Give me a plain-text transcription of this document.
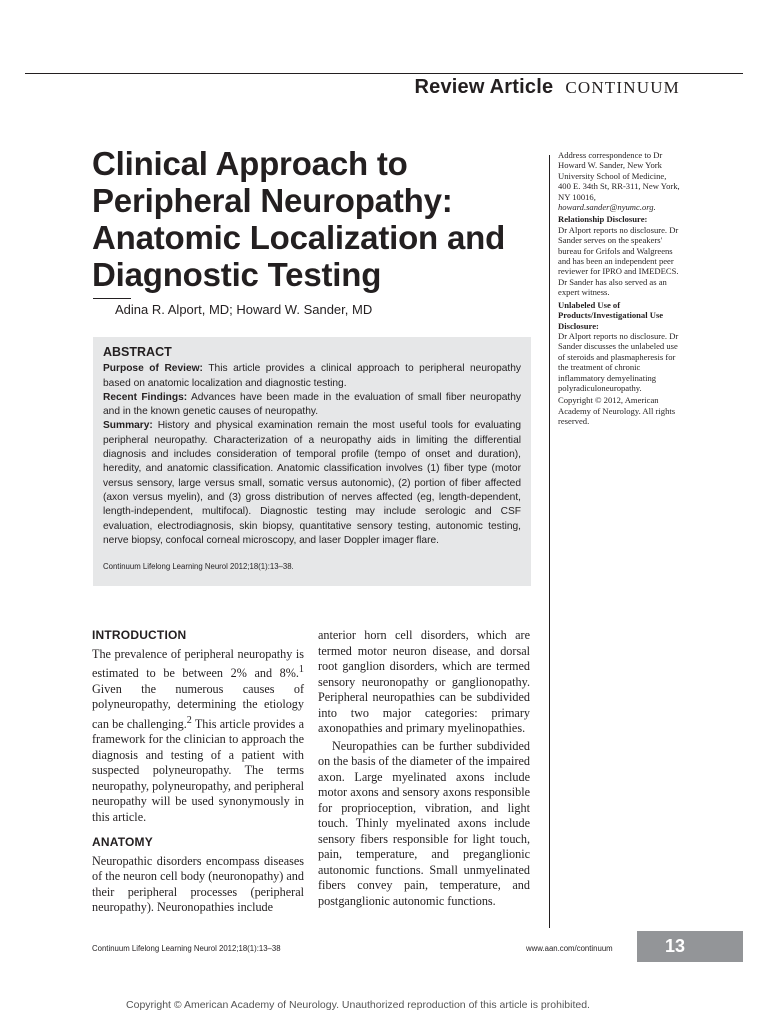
Review Article CONTINUUM
Clinical Approach to Peripheral Neuropathy: Anatomic Localization and Diagnostic Testing
Adina R. Alport, MD; Howard W. Sander, MD

ABSTRACT

Purpose of Review: This article provides a clinical approach to peripheral neuropathy based on anatomic localization and diagnostic testing.

Recent Findings: Advances have been made in the evaluation of small fiber neuropathy and in the known genetic causes of neuropathy.

Summary: History and physical examination remain the most useful tools for evaluating peripheral neuropathy. Characterization of a neuropathy aids in limiting the differential diagnosis and includes consideration of temporal profile (tempo of onset and duration), heredity, and anatomic classification. Anatomic classification involves (1) fiber type (motor versus sensory, large versus small, somatic versus autonomic), (2) portion of fiber affected (axon versus myelin), and (3) gross distribution of nerves affected (eg, length-dependent, length-independent, multifocal). Diagnostic testing may include serologic and CSF evaluation, electrodiagnosis, skin biopsy, quantitative sensory testing, autonomic testing, nerve biopsy, confocal corneal microscopy, and laser Doppler imager flare.

Continuum Lifelong Learning Neurol 2012;18(1):13–38.

Address correspondence to Dr Howard W. Sander, New York University School of Medicine, 400 E. 34th St, RR-311, New York, NY 10016, howard.sander@nyumc.org.

Relationship Disclosure:

Dr Alport reports no disclosure. Dr Sander serves on the speakers' bureau for Grifols and Walgreens and has been an independent peer reviewer for IPRO and IMEDECS. Dr Sander has also served as an expert witness.

Unlabeled Use of Products/Investigational Use Disclosure:

Dr Alport reports no disclosure. Dr Sander discusses the unlabeled use of steroids and plasmapheresis for the treatment of chronic inflammatory demyelinating polyradiculoneuropathy.

Copyright © 2012, American Academy of Neurology. All rights reserved.

INTRODUCTION

The prevalence of peripheral neuropathy is estimated to be between 2% and 8%.$^1$ Given the numerous causes of polyneuropathy, determining the etiology can be challenging.$^2$ This article provides a framework for the clinician to approach the diagnosis and testing of a patient with suspected polyneuropathy. The terms neuropathy, polyneuropathy, and peripheral neuropathy will be used synonymously in this article.

ANATOMY

Neuropathic disorders encompass diseases of the neuron cell body (neuronopathy) and their peripheral processes (peripheral neuropathy). Neuronopathies include

anterior horn cell disorders, which are termed motor neuron disease, and dorsal root ganglion disorders, which are termed sensory neuronopathy or ganglionopathy. Peripheral neuropathies can be subdivided into two major categories: primary axonopathies and primary myelinopathies.

Neuropathies can be further subdivided on the basis of the diameter of the impaired axon. Large myelinated axons include motor axons and sensory axons responsible for proprioception, vibration, and light touch. Thinly myelinated axons include sensory fibers responsible for light touch, pain, temperature, and preganglionic autonomic functions. Small unmyelinated fibers convey pain, temperature, and postganglionic autonomic functions.

Continuum Lifelong Learning Neurol 2012;18(1):13–38	www.aan.com/continuum	13
Copyright © American Academy of Neurology. Unauthorized reproduction of this article is prohibited.
